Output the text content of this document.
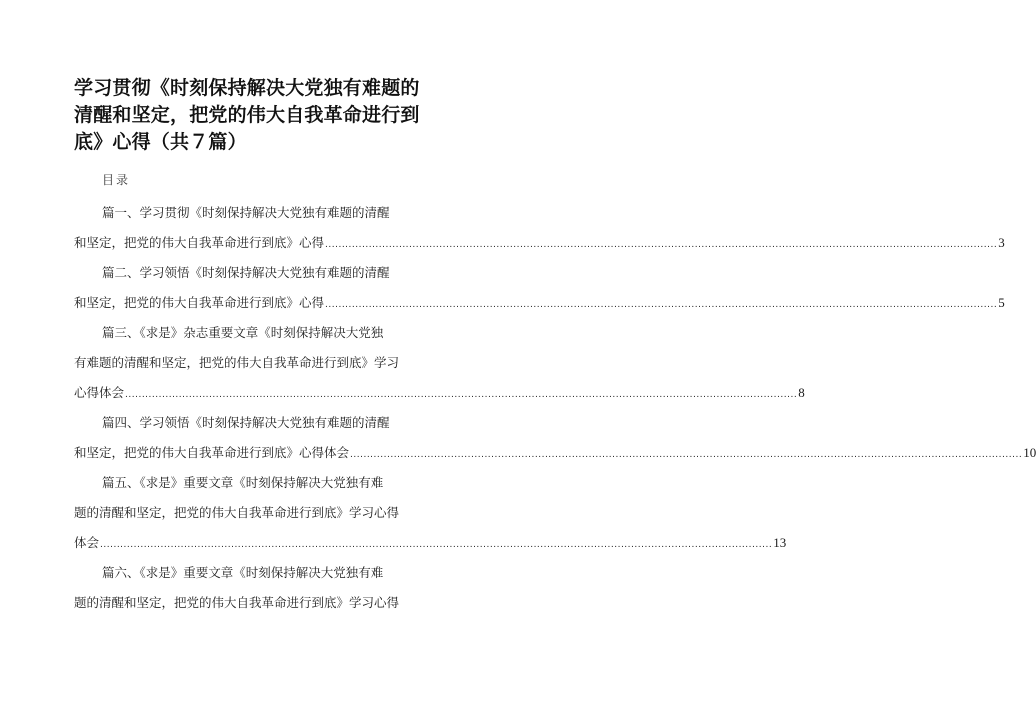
学习贯彻《时刻保持解决大党独有难题的清醒和坚定，把党的伟大自我革命进行到底》心得（共７篇）
目录
篇一、学习贯彻《时刻保持解决大党独有难题的清醒
和坚定，把党的伟大自我革命进行到底》心得 ........................................................................................................................................................................................................ 3
篇二、学习领悟《时刻保持解决大党独有难题的清醒
和坚定，把党的伟大自我革命进行到底》心得 ........................................................................................................................................................................................................ 5
篇三、《求是》杂志重要文章《时刻保持解决大党独
有难题的清醒和坚定，把党的伟大自我革命进行到底》学习
心得体会 ........................................................................................................................................................................................................ 8
篇四、学习领悟《时刻保持解决大党独有难题的清醒
和坚定，把党的伟大自我革命进行到底》心得体会 ........................................................................................................................................................................................................ 10
篇五、《求是》重要文章《时刻保持解决大党独有难
题的清醒和坚定，把党的伟大自我革命进行到底》学习心得
体会 ........................................................................................................................................................................................................ 13
篇六、《求是》重要文章《时刻保持解决大党独有难
题的清醒和坚定，把党的伟大自我革命进行到底》学习心得
